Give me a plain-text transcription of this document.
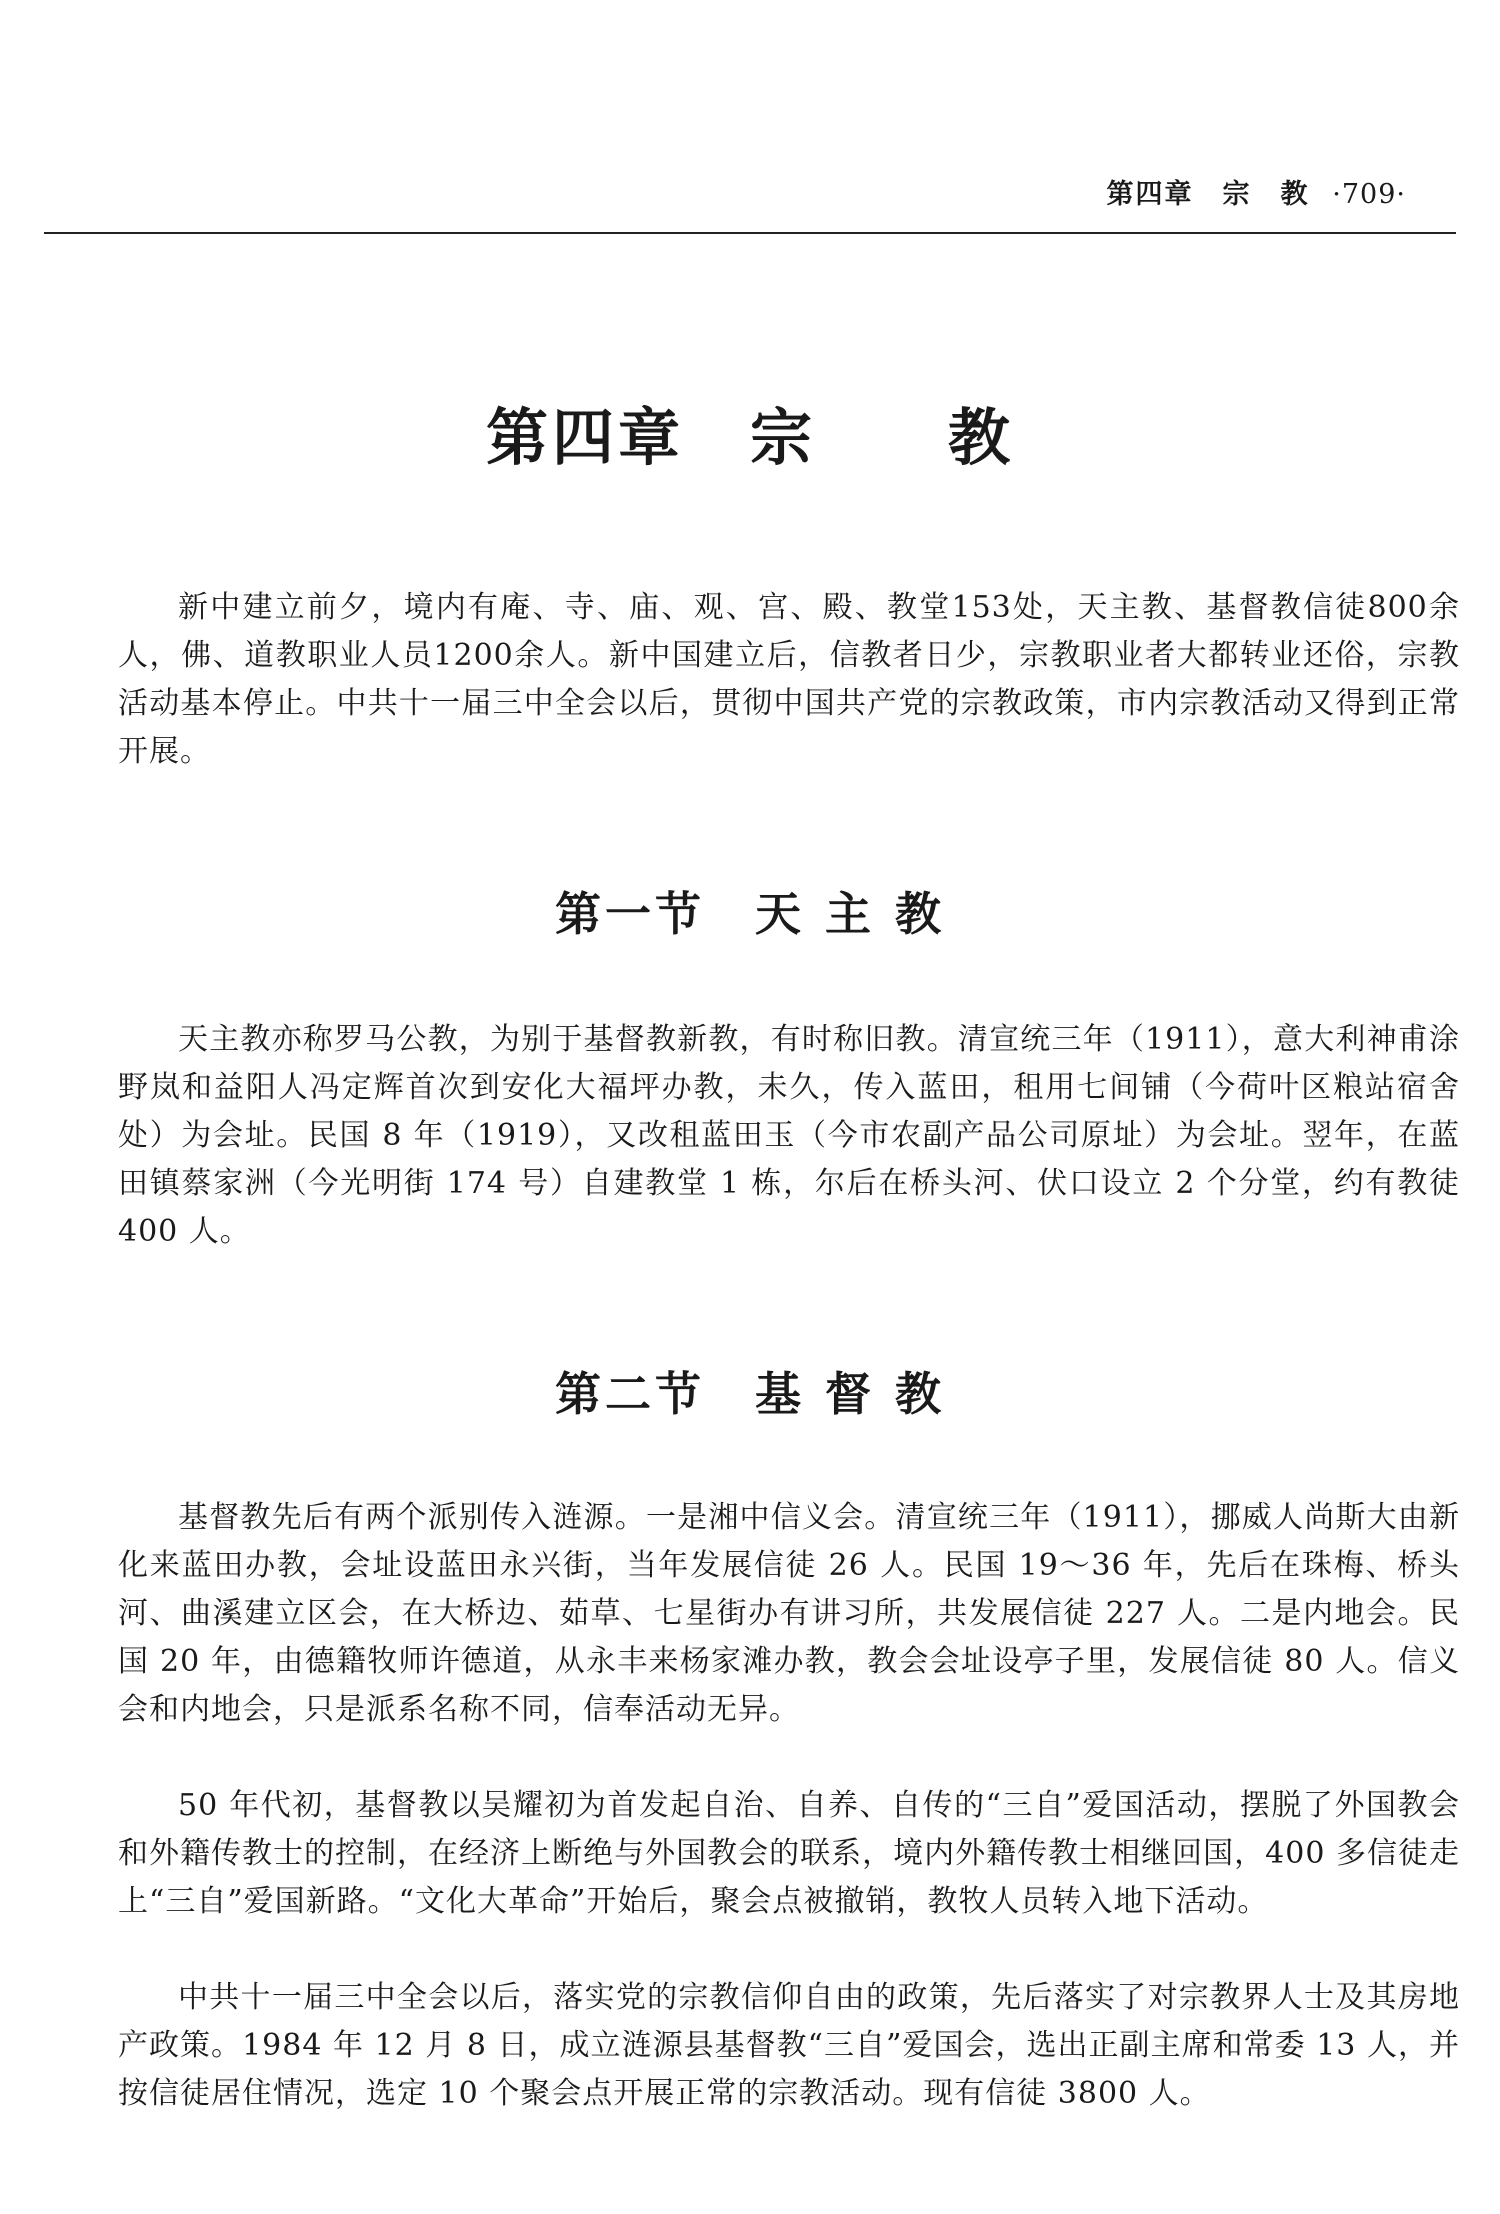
第四章　宗　教 ·709·
第四章　宗　　教

新中建立前夕，境内有庵、寺、庙、观、宫、殿、教堂153处，天主教、基督教信徒800余人，佛、道教职业人员1200余人。新中国建立后，信教者日少，宗教职业者大都转业还俗，宗教活动基本停止。中共十一届三中全会以后，贯彻中国共产党的宗教政策，市内宗教活动又得到正常开展。

第一节　天 主 教

天主教亦称罗马公教，为别于基督教新教，有时称旧教。清宣统三年（1911），意大利神甫涂野岚和益阳人冯定辉首次到安化大福坪办教，未久，传入蓝田，租用七间铺（今荷叶区粮站宿舍处）为会址。民国 8 年（1919），又改租蓝田玉（今市农副产品公司原址）为会址。翌年，在蓝田镇蔡家洲（今光明街 174 号）自建教堂 1 栋，尔后在桥头河、伏口设立 2 个分堂，约有教徒 400 人。

第二节　基 督 教

基督教先后有两个派别传入涟源。一是湘中信义会。清宣统三年（1911），挪威人尚斯大由新化来蓝田办教，会址设蓝田永兴街，当年发展信徒 26 人。民国 19～36 年，先后在珠梅、桥头河、曲溪建立区会，在大桥边、茹草、七星街办有讲习所，共发展信徒 227 人。二是内地会。民国 20 年，由德籍牧师许德道，从永丰来杨家滩办教，教会会址设亭子里，发展信徒 80 人。信义会和内地会，只是派系名称不同，信奉活动无异。

50 年代初，基督教以吴耀初为首发起自治、自养、自传的“三自”爱国活动，摆脱了外国教会和外籍传教士的控制，在经济上断绝与外国教会的联系，境内外籍传教士相继回国，400 多信徒走上“三自”爱国新路。“文化大革命”开始后，聚会点被撤销，教牧人员转入地下活动。

中共十一届三中全会以后，落实党的宗教信仰自由的政策，先后落实了对宗教界人士及其房地产政策。1984 年 12 月 8 日，成立涟源县基督教“三自”爱国会，选出正副主席和常委 13 人，并按信徒居住情况，选定 10 个聚会点开展正常的宗教活动。现有信徒 3800 人。
